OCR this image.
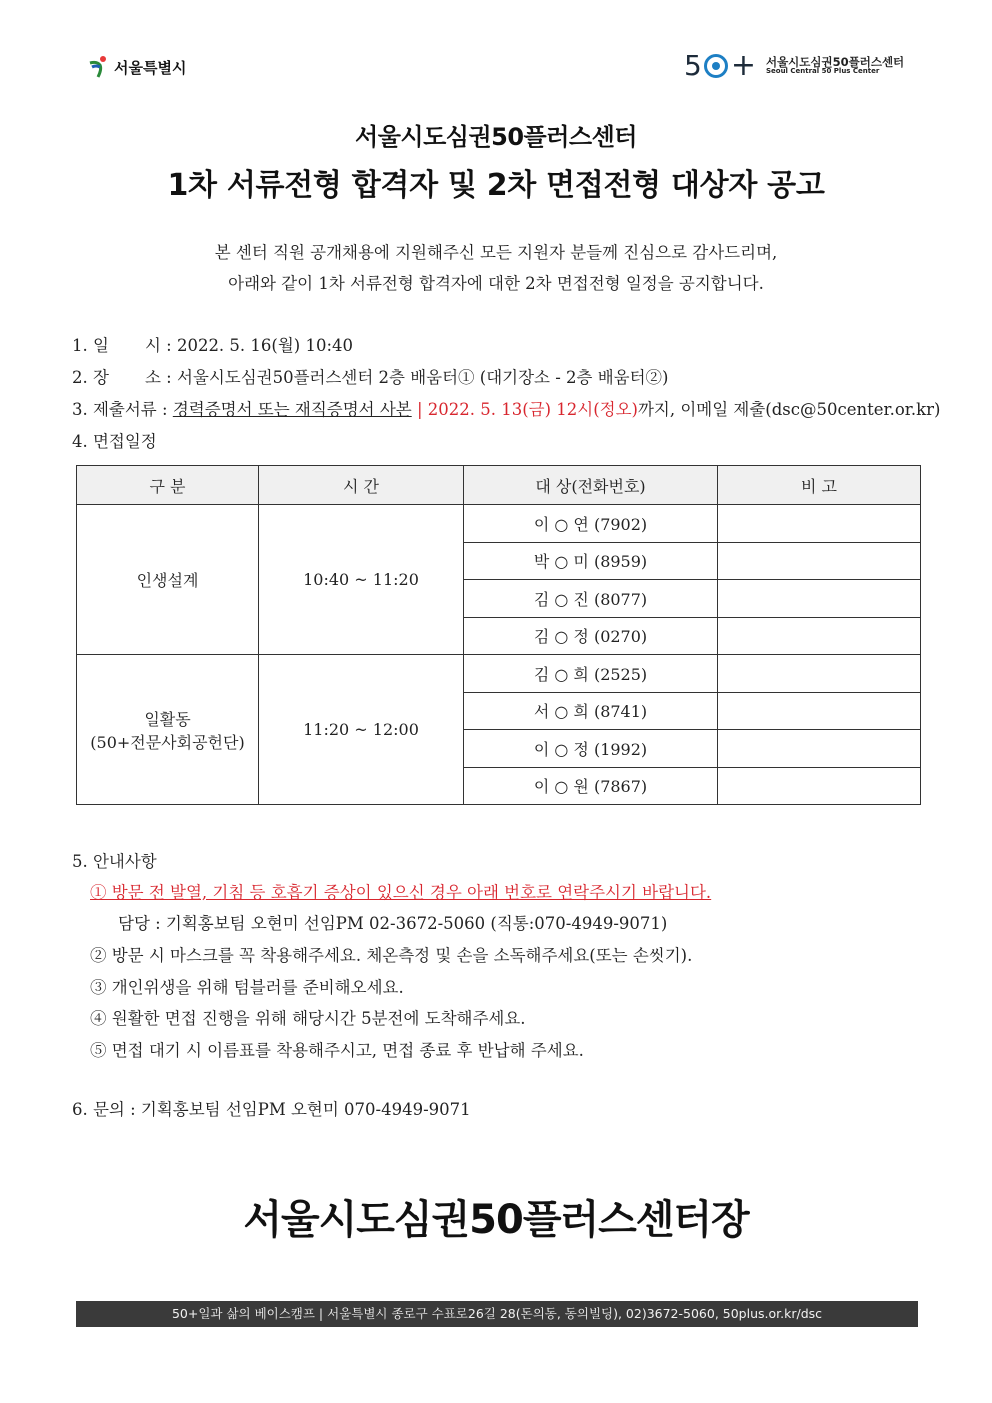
서울특별시	5 + 서울시도심권50플러스센터
Seoul Central 50 Plus Center
서울시도심권50플러스센터
1차 서류전형 합격자 및 2차 면접전형 대상자 공고
본 센터 직원 공개채용에 지원해주신 모든 지원자 분들께 진심으로 감사드리며,
아래와 같이 1차 서류전형 합격자에 대한 2차 면접전형 일정을 공지합니다.
1. 일 시 : 2022. 5. 16(월) 10:40
2. 장 소 : 서울시도심권50플러스센터 2층 배움터① (대기장소 - 2층 배움터②)
3. 제출서류 : 경력증명서 또는 재직증명서 사본 | 2022. 5. 13(금) 12시(정오)까지, 이메일 제출(dsc@50center.or.kr)
4. 면접일정
구 분	시 간	대 상(전화번호)	비 고
인생설계	10:40 ~ 11:20	이 ○ 연 (7902)	
		박 ○ 미 (8959)	
		김 ○ 진 (8077)	
		김 ○ 정 (0270)	
일활동
(50+전문사회공헌단)	11:20 ~ 12:00	김 ○ 희 (2525)	
		서 ○ 희 (8741)	
		이 ○ 정 (1992)	
		이 ○ 원 (7867)	
5. 안내사항
① 방문 전 발열, 기침 등 호흡기 증상이 있으신 경우 아래 번호로 연락주시기 바랍니다.
담당 : 기획홍보팀 오현미 선임PM 02-3672-5060 (직통:070-4949-9071)
② 방문 시 마스크를 꼭 착용해주세요. 체온측정 및 손을 소독해주세요(또는 손씻기).
③ 개인위생을 위해 텀블러를 준비해오세요.
④ 원활한 면접 진행을 위해 해당시간 5분전에 도착해주세요.
⑤ 면접 대기 시 이름표를 착용해주시고, 면접 종료 후 반납해 주세요.
6. 문의 : 기획홍보팀 선임PM 오현미 070-4949-9071
서울시도심권50플러스센터장
50+일과 삶의 베이스캠프 | 서울특별시 종로구 수표로26길 28(돈의동, 동의빌딩), 02)3672-5060, 50plus.or.kr/dsc
